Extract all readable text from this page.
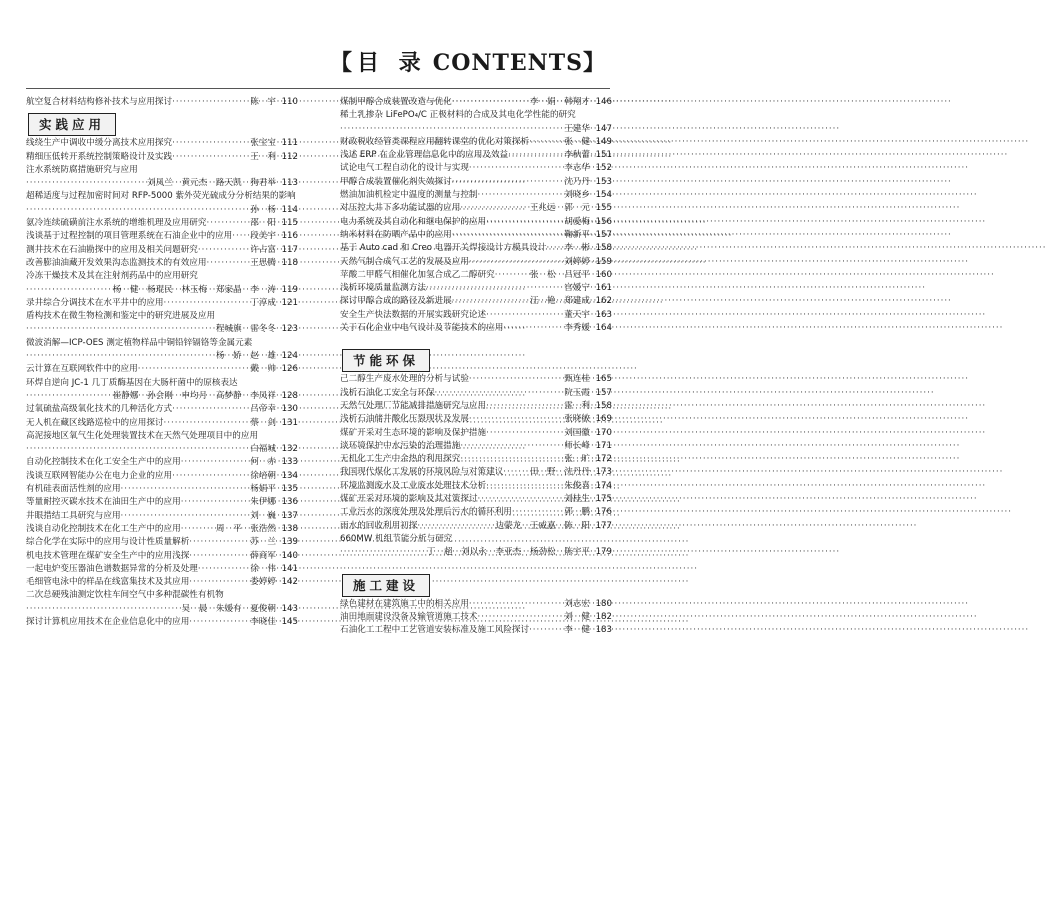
【 目 录 CONTENTS】
航空复合材料结构修补技术与应用探讨 ·····	陈　宇 110
实践应用
线绕生产中调收中缓分离技术应用探究 ·····	张宝宝 111
精细压低转开系统控制策略设计及实践 ·····	王　利 112
注水系统防腐措施研究与应用
·····
刘凤兰　黄元杰　路天凯　狗君举 113
超稀适度与过程加密时间对 RFP-5000 紫外荧光硫成分分析结果的影响
·····
孙　杨 114
氨冷连续硫磺前注水系统的增维机理及应用研究 ·····	邵　阳 115
浅谈基于过程控制的项目管理系统在石油企业中的应用 ····· 段美宇 116
测井技术在石油勘探中的应用及相关问题研究 ·····	许占富 117
改善膨油油藏开发效果沟态监测技术的有效应用 ·····	王思腾 118
冷冻干燥技术及其在注射剂药品中的应用研究
·····
杨　健　杨琨民　林玉梅　郑家晶　李　涛 119
录井综合分调技术在水平井中的应用 ·····	丁淳成 121
盾构技术在微生物检测和鉴定中的研究进展及应用
·····
程城旗　雷冬冬 123
微波消解—ICP-OES 测定植物样品中铜铅锌镉铬等金属元素
·····
杨　娇　赵　雄 124
云计算在互联网软件中的应用 ·····	戴　帅 126
环焊自逆向 JC-1 几丁质酶基因在大肠杆菌中的原核表达
·····
崔静娜　孙会刚　申均月　高梦静　李凤祥 128
过氧硫盐高级氧化技术的几种活化方式 ·····	吕帝幸 130
无人机在藏区线路巡检中的应用探讨 ·····	蔡　剑 131
高泥接地区氧气生化处理装置技术在天然气处理项目中的应用
·····
白福城 132
自动化控制技术在化工安全生产中的应用 ·····	何　赤 133
浅谈互联网智能办公在电力企业的应用 ·····	徐培朝 134
有机硅表面活性剂的应用 ·····	杨娟平 135
等量耐控灭碳水技术在油田生产中的应用 ·····	朱伊娜 136
井眼措结工具研究与应用 ·····	刘　巍 137
浅谈自动化控制技术在化工生产中的应用 ·····	周　平　张浩然 138
综合化学在实际中的应用与设计性质量解析 ·····	苏　兰 139
机电技术管理在煤矿安全生产中的应用浅探 ·····	薛商军 140
一起电炉变压器油色谱数据异常的分析及处理 ·····	徐　伟 141
毛细管电泳中的样品在线富集技术及其应用 ·····	娄婷婷 142
二次总硬残油测定饮柱车间空气中多种混碳性有机物
·····
吴　晨　朱媛有　夏俊朝 143
探讨计算机应用技术在企业信息化中的应用 ·····	李晓佳 145
煤制甲醇合成装置改造与优化 ·····	李　娟　韩翔才 146
稀土乳掺杂 LiFePO₄/C 正极材料的合成及其电化学性能的研究
·····
王建华 147
财政税收经管类课程应用翻转课堂的优化对策探析 ·····	张　健 149
浅述 ERP 在企业管理信息化中的应用及效益 ·····	李秋蕾 151
试论电气工程自动化的设计与实现 ·····	李志华 152
甲醇合成装置催化剂失效探讨 ·····	沈乃丹 153
燃油加油机检定中温度的测量与控制 ·····	刘晓乡 154
对压控大井下多功能试器的应用 ·····	王兆远　郭　元 155
电力系统及其自动化和继电保护的应用 ·····	胡爱梅 156
纳米材料在防晒产品中的应用 ·····	鞠新平 157
基于 Auto cad 和 Creo 电器开关焊接设计方模具设计 ····· 李　彬 158
天然气制合成气工艺的发展及应用 ·····	刘婷婷 159
苹酸二甲醛气相催化加氢合成乙二醇研究 ·····	张　松　吕冠平 160
浅析环境质量监测方法 ·····	宫媛宁 161
探讨甲醇合成的路径及新进展 ·····	汪　艳　郑建成 162
安全生产快法数据的开展实践研究论述 ·····	董天宇 163
关于石化企业中电气设计及节能技术的应用 ·····	李秀媛 164
节能环保
己二醇生产废水处理的分析与试验 ·····	甄连桂 165
浅析石油化工安全与环保 ·····	院玉霞 157
天然气处理厂节能减排措施研究与应用 ·····	雷　利 158
浅析石油储井酸化压裂现状及发展 ·····	张晓敏 169
煤矿开采对生态环境的影响及保护措施 ·····	刘国徽 170
谈环境保护中水污染的治理措施 ·····	师长峰 171
无机化工生产中余热的利用探究 ·····	张　旷 172
我国现代煤化工发展的环境风险与对策建议 ·····	田　野　沈丹丹 173
环境监测废水及工业废水处理技术分析 ·····	朱俊喜 174
煤矿开采对环境的影响及其对策探讨 ·····	刘桂生 175
工业污水的深度处理及处理后污水的循环利用 ·····	郭　鹏 176
雨水的回收利用初探 ·····	边蒙龙　王威嘉　陈　阳 177
660MW 机组节能分析与研究
·····
丁　超　刘以永　李亚杰　杨劲松　陈宇平 179
施工建设
绿色建材在建筑施工中的相关应用 ·····	刘志宏 180
油田地面建设没备及输管道施工技术 ·····	刘　健 182
石油化工工程中工艺管道安装标准及施工风险探讨 ·····	李　健 183
